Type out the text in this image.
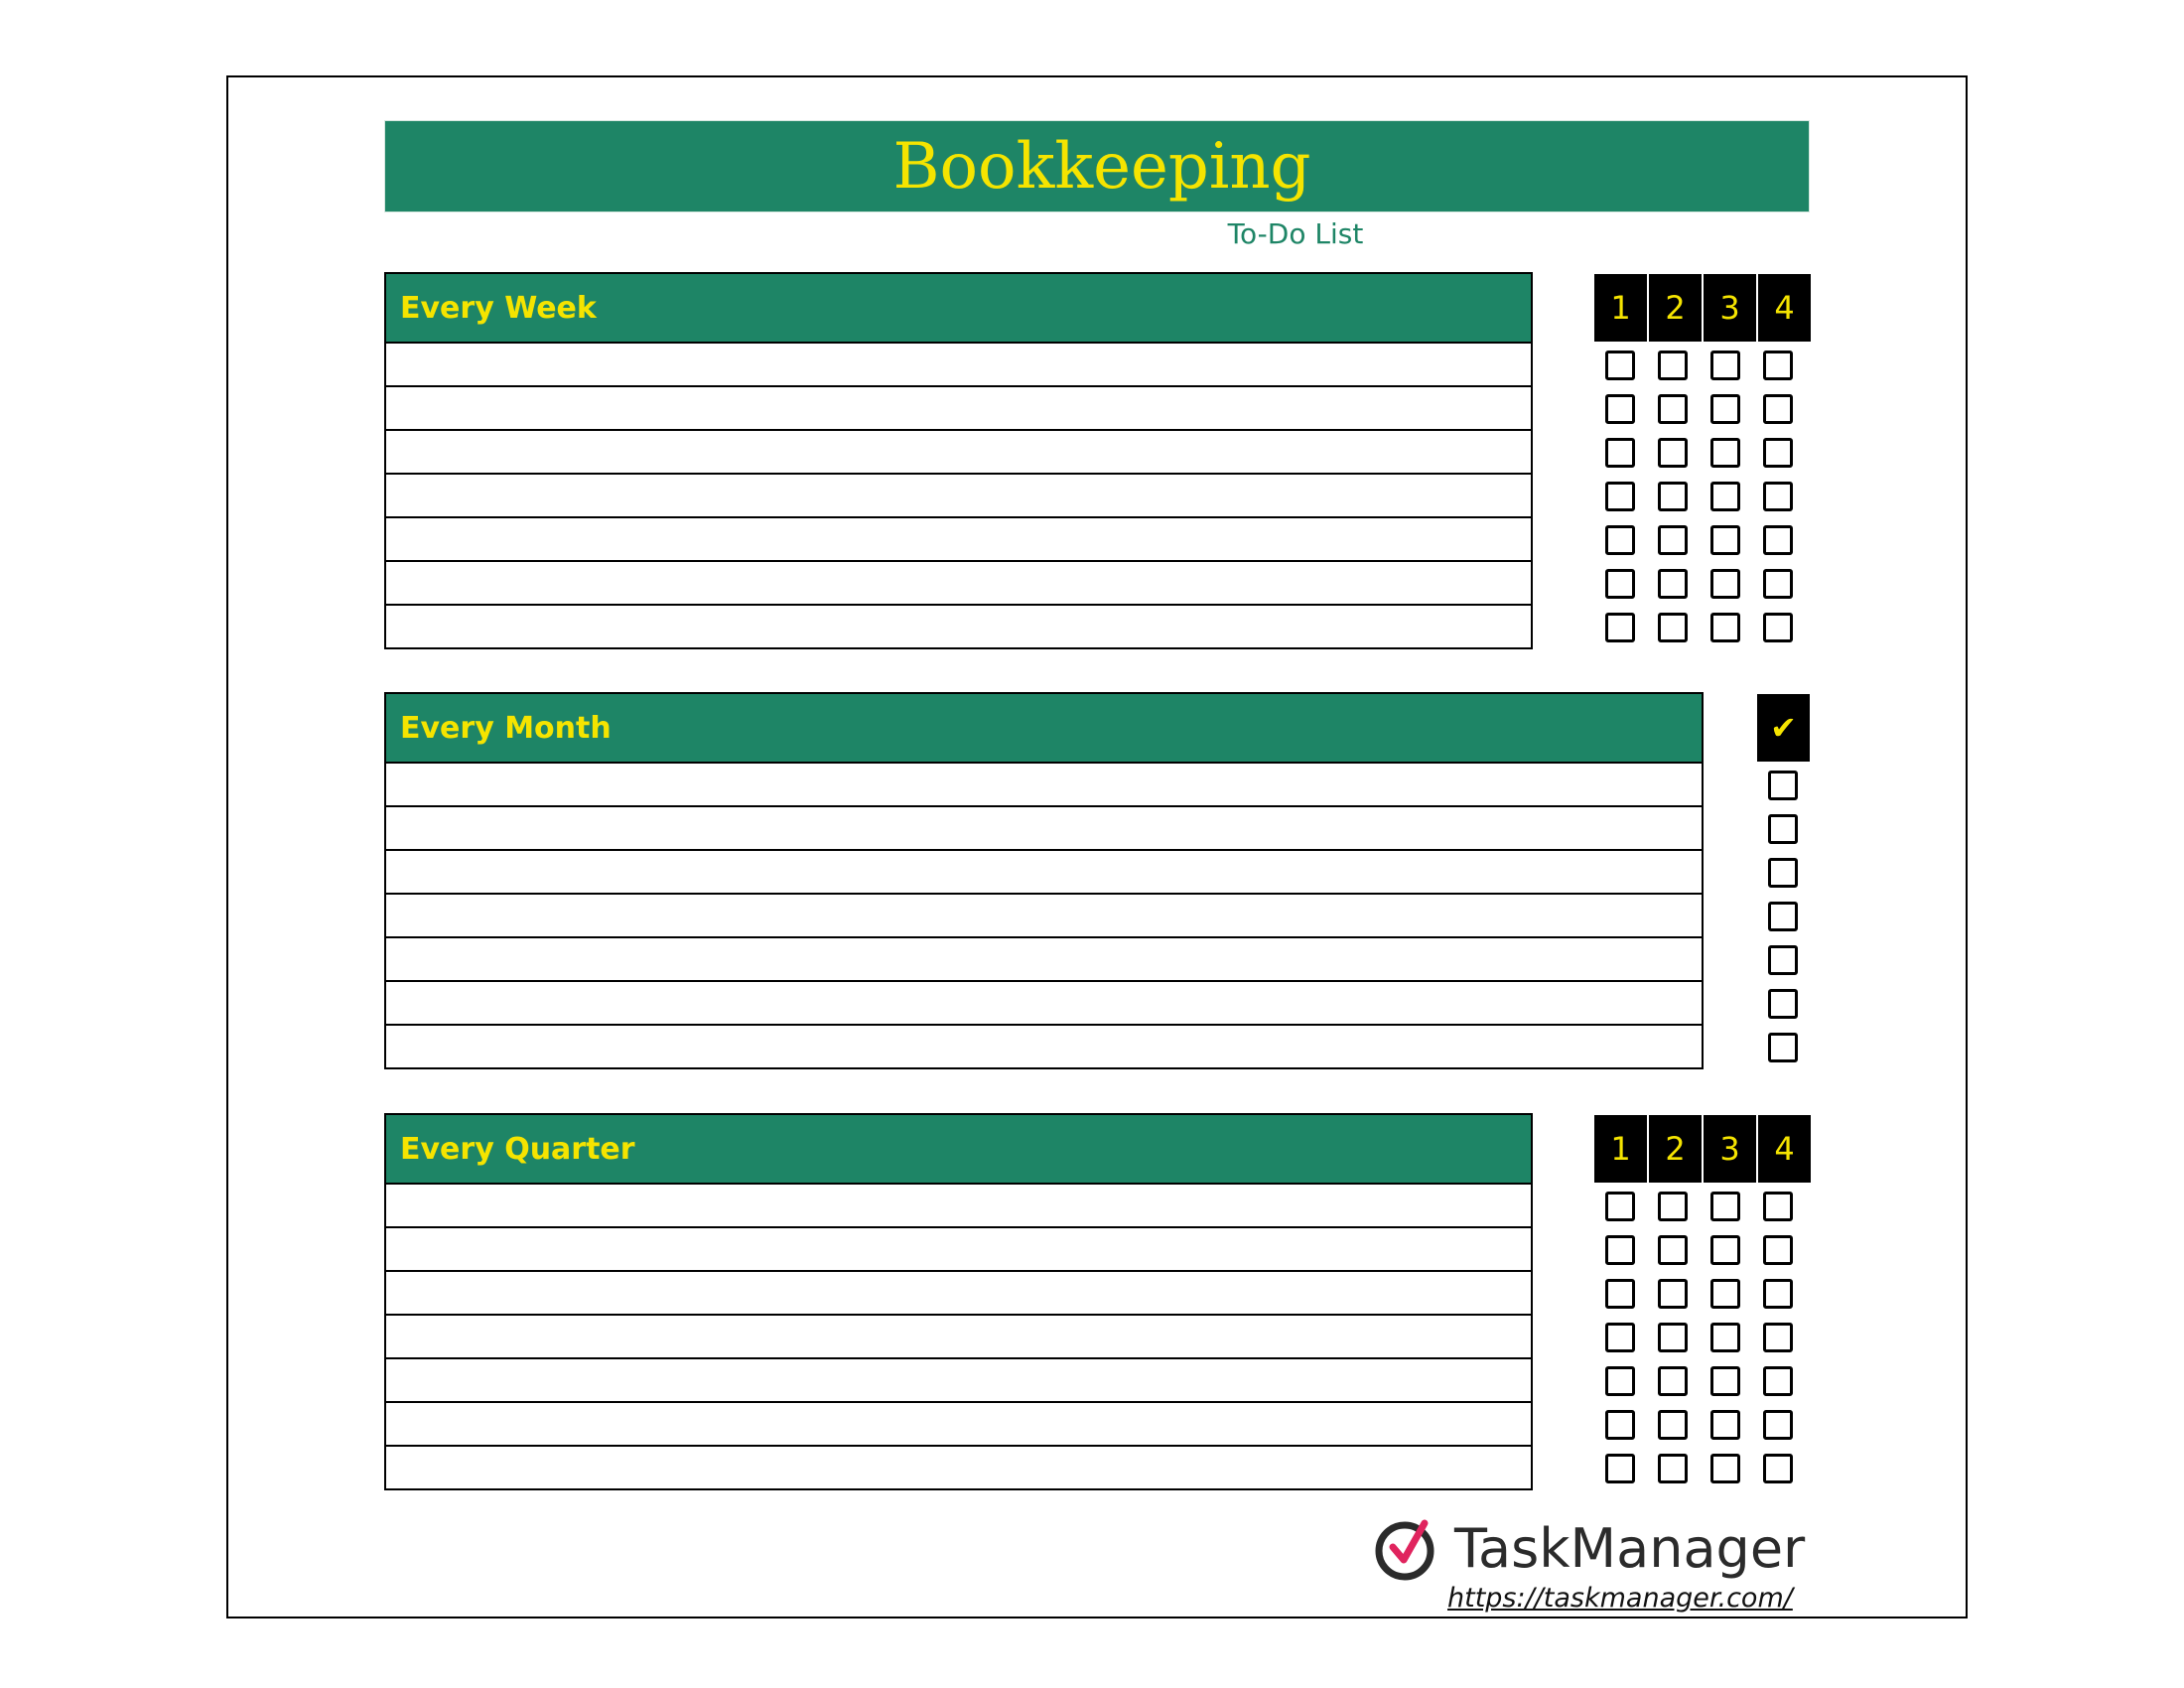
Bookkeeping
To-Do List
Every Week	1	2	3	4
Every Month	✔
Every Quarter	1	2	3	4
TaskManager
https://taskmanager.com/
